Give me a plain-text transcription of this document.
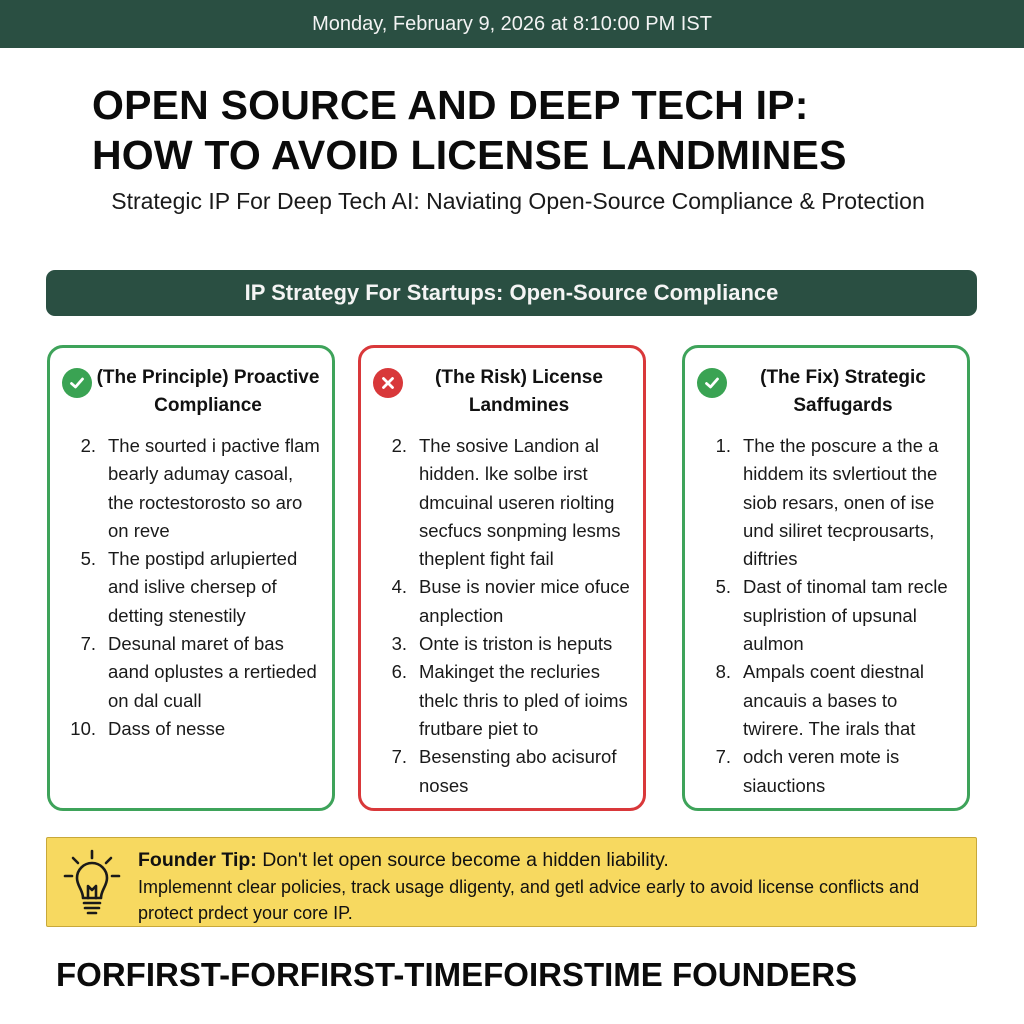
Monday, February 9, 2026 at 8:10:00 PM IST
OPEN SOURCE AND DEEP TECH IP:
HOW TO AVOID LICENSE LANDMINES
Strategic IP For Deep Tech AI: Naviating Open-Source Compliance & Protection
IP Strategy For Startups: Open-Source Compliance
(The Principle) Proactive Compliance
2. The sourted i pactive flam bearly adumay casoal, the roctestorosto so aro on reve
5. The postipd arlupierted and islive chersep of detting stenestily
7. Desunal maret of bas aand oplustes a rertieded on dal cuall
10. Dass of nesse
(The Risk) License Landmines
2. The sosive Landion al hidden. lke solbe irst dmcuinal useren riolting secfucs sonpming lesms theplent fight fail
4. Buse is novier mice ofuce anplection
3. Onte is triston is heputs
6. Makinget the recluries thelc thris to pled of ioims frutbare piet to
7. Besensting abo acisurof noses
(The Fix) Strategic Saffugards
1. The the poscure a the a hiddem its svlertiout the siob resars, onen of ise und siliret tecprousarts, diftries
5. Dast of tinomal tam recle suplristion of upsunal aulmon
8. Ampals coent diestnal ancauis a bases to twirere. The irals that
7. odch veren mote is siauctions
Founder Tip: Don't let open source become a hidden liability.
Implemennt clear policies, track usage dligenty, and getl advice early to avoid license conflicts and protect prdect your core IP.
FORFIRST-FORFIRST-TIMEFOIRSTIME FOUNDERS
